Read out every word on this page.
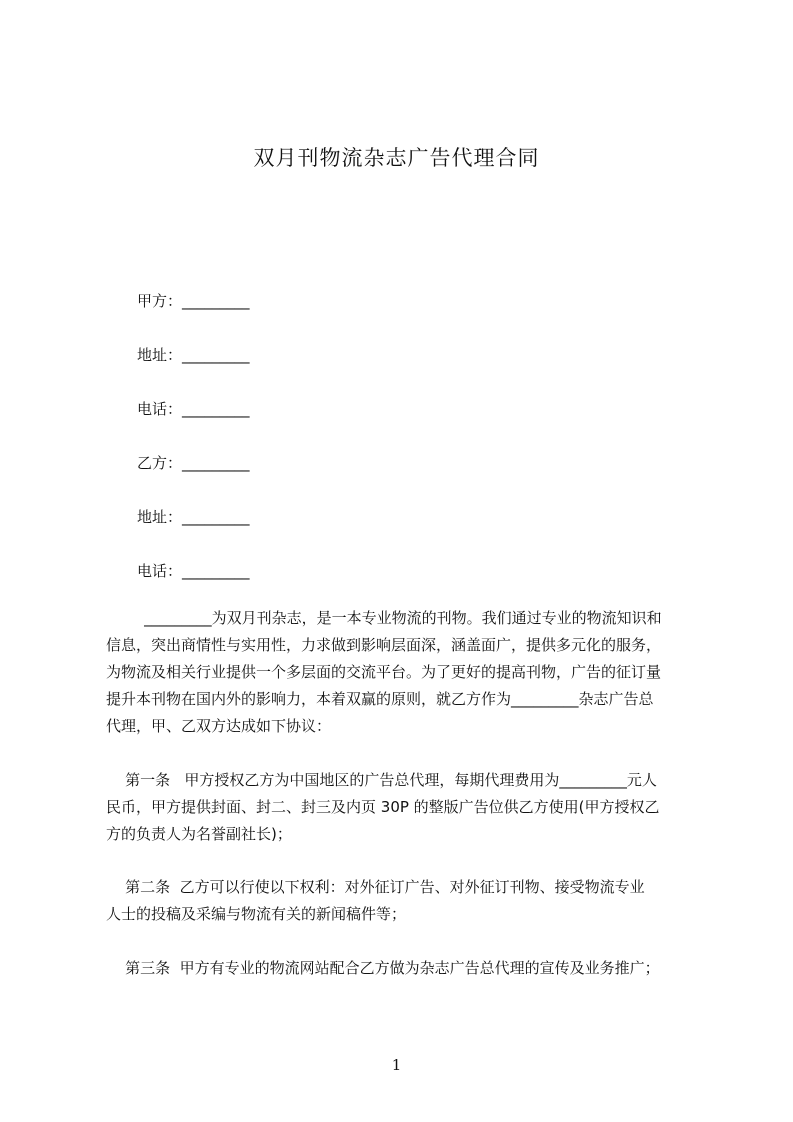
双月刊物流杂志广告代理合同
甲方：_________
地址：_________
电话：_________
乙方：_________
地址：_________
电话：_________
_________为双月刊杂志，是一本专业物流的刊物。我们通过专业的物流知识和
信息，突出商情性与实用性，力求做到影响层面深，涵盖面广，提供多元化的服务，
为物流及相关行业提供一个多层面的交流平台。为了更好的提高刊物，广告的征订量
提升本刊物在国内外的影响力，本着双赢的原则，就乙方作为_________杂志广告总
代理，甲、乙双方达成如下协议：
第一条   甲方授权乙方为中国地区的广告总代理，每期代理费用为_________元人
民币，甲方提供封面、封二、封三及内页 30P 的整版广告位供乙方使用(甲方授权乙
方的负责人为名誉副社长)；
第二条  乙方可以行使以下权利：对外征订广告、对外征订刊物、接受物流专业
人士的投稿及采编与物流有关的新闻稿件等；
第三条  甲方有专业的物流网站配合乙方做为杂志广告总代理的宣传及业务推广；
1
